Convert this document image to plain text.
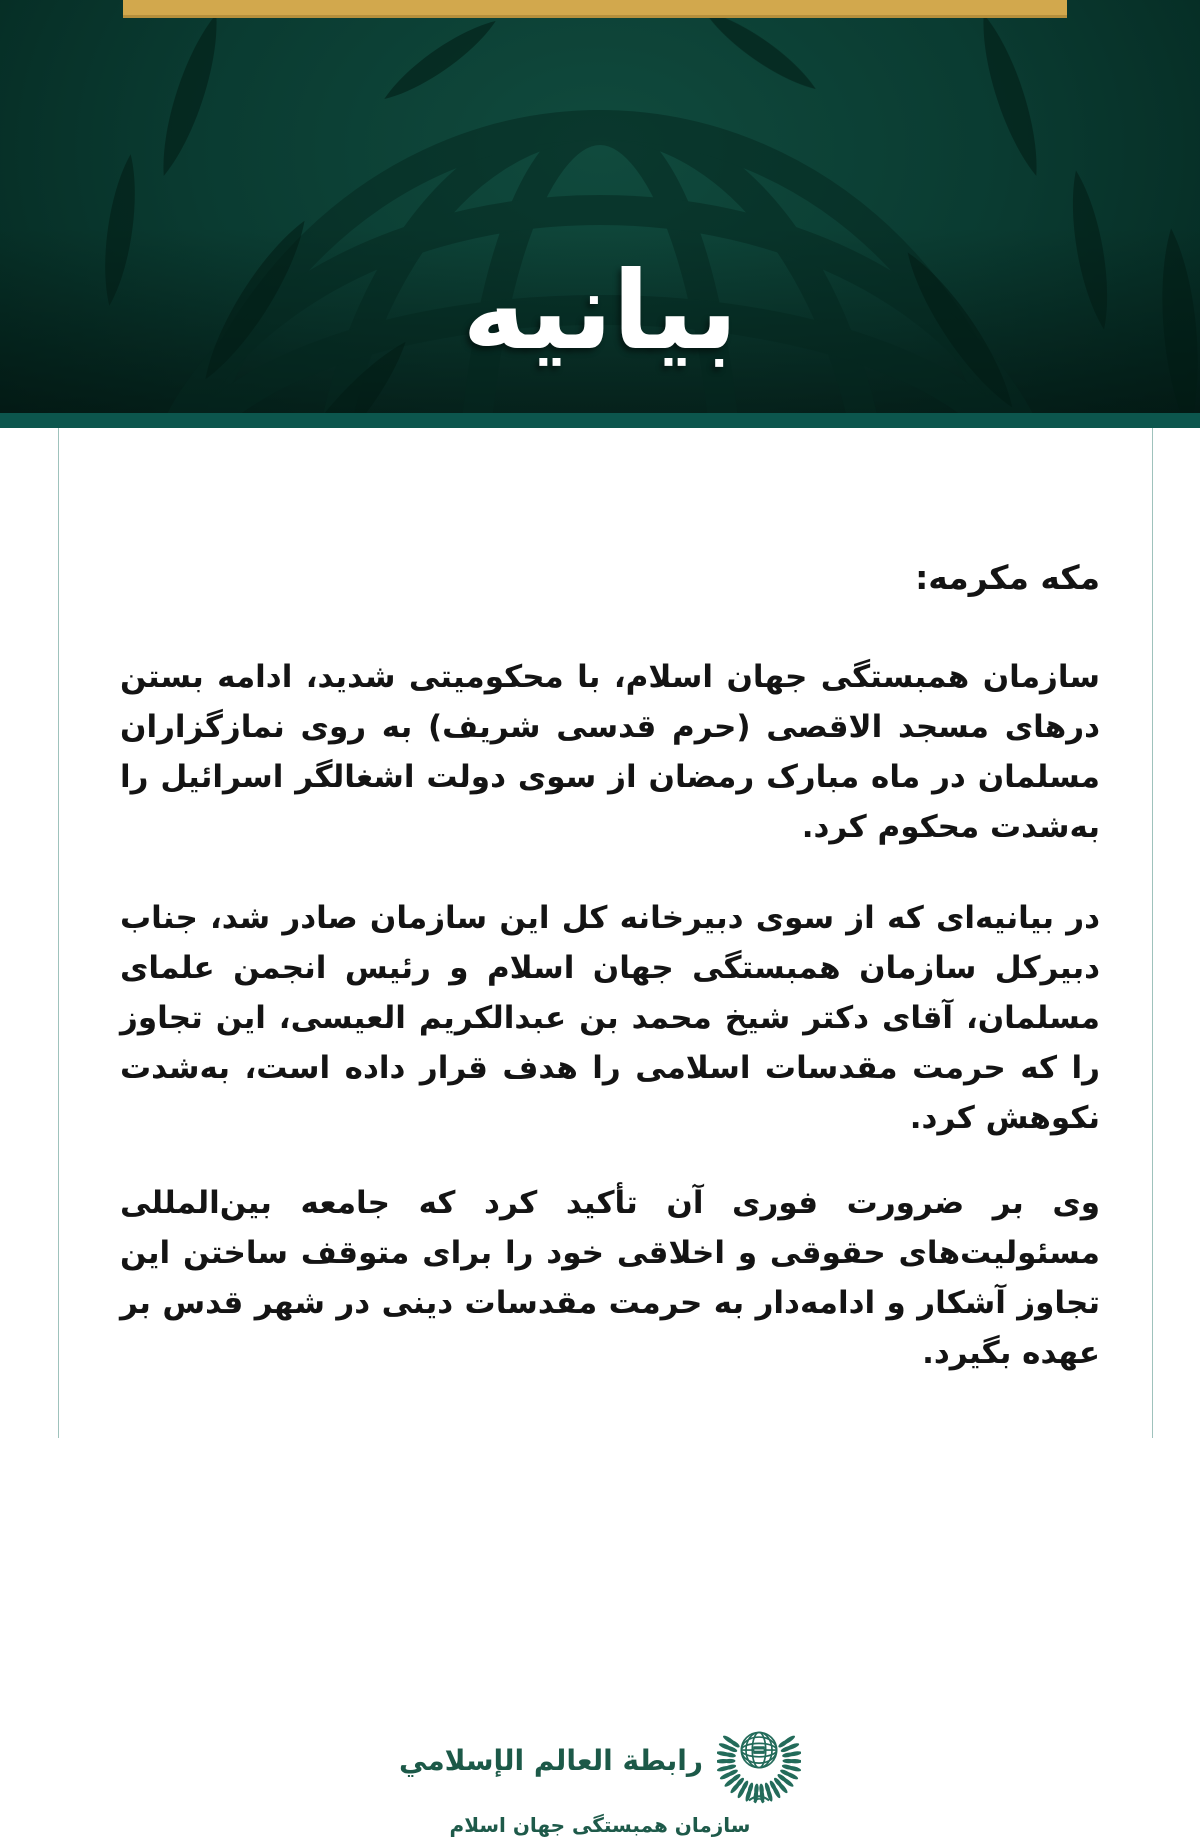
بیانیه
مکه مکرمه:

سازمان همبستگی جهان اسلام، با محکومیتی شدید، ادامه بستن درهای مسجد الاقصی (حرم قدسی شریف) به روی نمازگزاران مسلمان در ماه مبارک رمضان از سوی دولت اشغالگر اسرائیل را به‌شدت محکوم کرد.

در بیانیه‌ای که از سوی دبیرخانه کل این سازمان صادر شد، جناب دبیرکل سازمان همبستگی جهان اسلام و رئیس انجمن علمای مسلمان، آقای دکتر شیخ محمد بن عبدالکریم العیسی، این تجاوز را که حرمت مقدسات اسلامی را هدف قرار داده است، به‌شدت نکوهش کرد.

وی بر ضرورت فوری آن تأکید کرد که جامعه بین‌المللی مسئولیت‌های حقوقی و اخلاقی خود را برای متوقف ساختن این تجاوز آشکار و ادامه‌دار به حرمت مقدسات دینی در شهر قدس بر عهده بگیرد.

رابطة العالم الإسلامي
سازمان همبستگی جهان اسلام
